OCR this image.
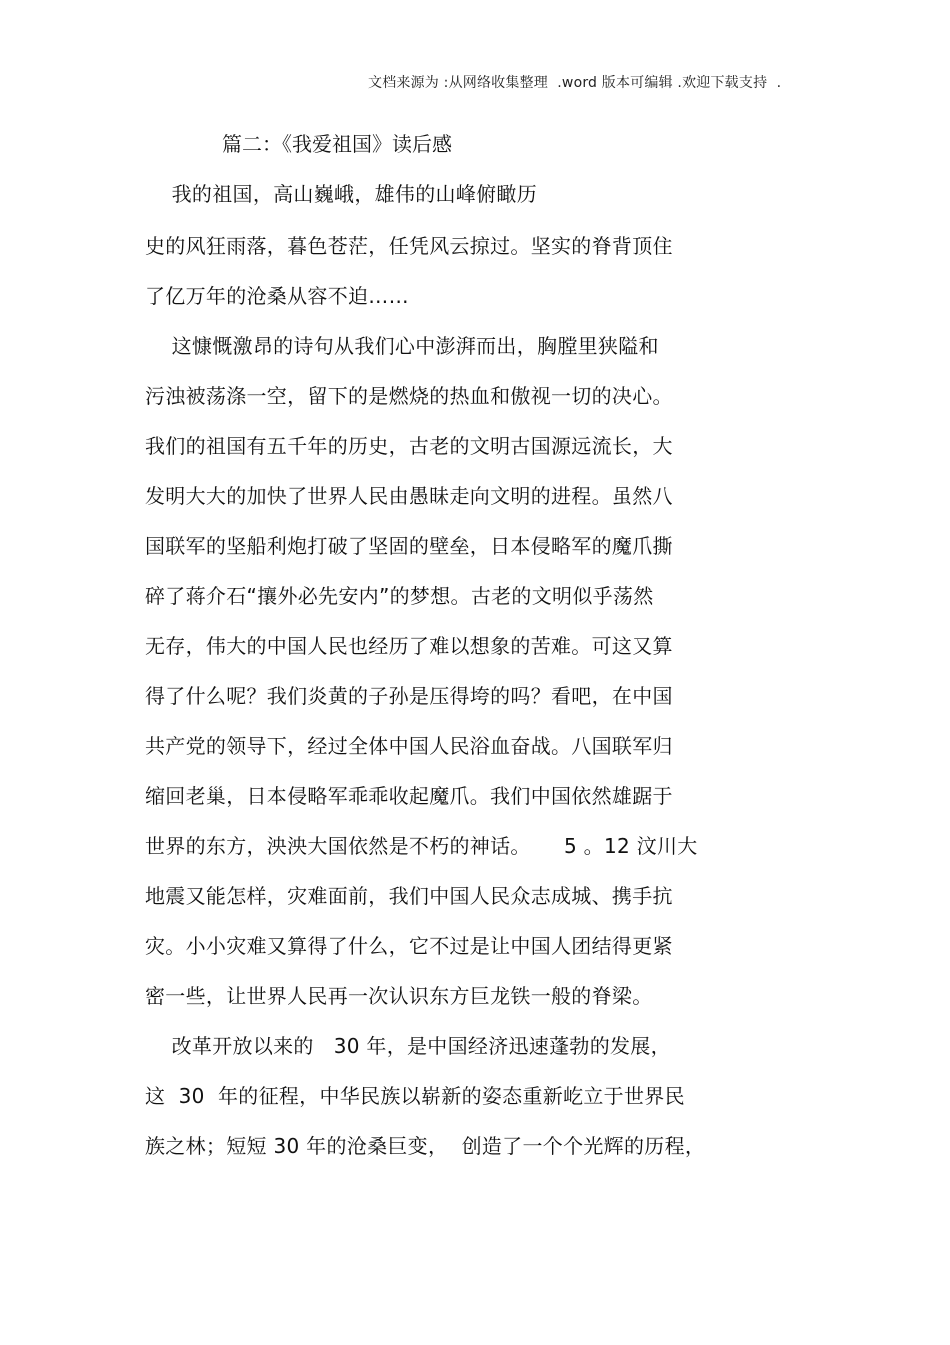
文档来源为 :从网络收集整理  .word 版本可编辑 .欢迎下载支持  .
篇二：《我爱祖国》读后感
我的祖国，高山巍峨，雄伟的山峰俯瞰历
史的风狂雨落，暮色苍茫，任凭风云掠过。坚实的脊背顶住
了亿万年的沧桑从容不迫……
这慷慨激昂的诗句从我们心中澎湃而出，胸膛里狭隘和
污浊被荡涤一空，留下的是燃烧的热血和傲视一切的决心。
我们的祖国有五千年的历史，古老的文明古国源远流长，大
发明大大的加快了世界人民由愚昧走向文明的进程。虽然八
国联军的坚船利炮打破了坚固的壁垒，日本侵略军的魔爪撕
碎了蒋介石“攘外必先安内”的梦想。古老的文明似乎荡然
无存，伟大的中国人民也经历了难以想象的苦难。可这又算
得了什么呢？我们炎黄的子孙是压得垮的吗？看吧，在中国
共产党的领导下，经过全体中国人民浴血奋战。八国联军归
缩回老巢，日本侵略军乖乖收起魔爪。我们中国依然雄踞于
世界的东方，泱泱大国依然是不朽的神话。     5 。12 汶川大
地震又能怎样，灾难面前，我们中国人民众志成城、携手抗
灾。小小灾难又算得了什么，它不过是让中国人团结得更紧
密一些，让世界人民再一次认识东方巨龙铁一般的脊梁。
改革开放以来的   30 年，是中国经济迅速蓬勃的发展，
这  30  年的征程，中华民族以崭新的姿态重新屹立于世界民
族之林；短短 30 年的沧桑巨变，  创造了一个个光辉的历程，
